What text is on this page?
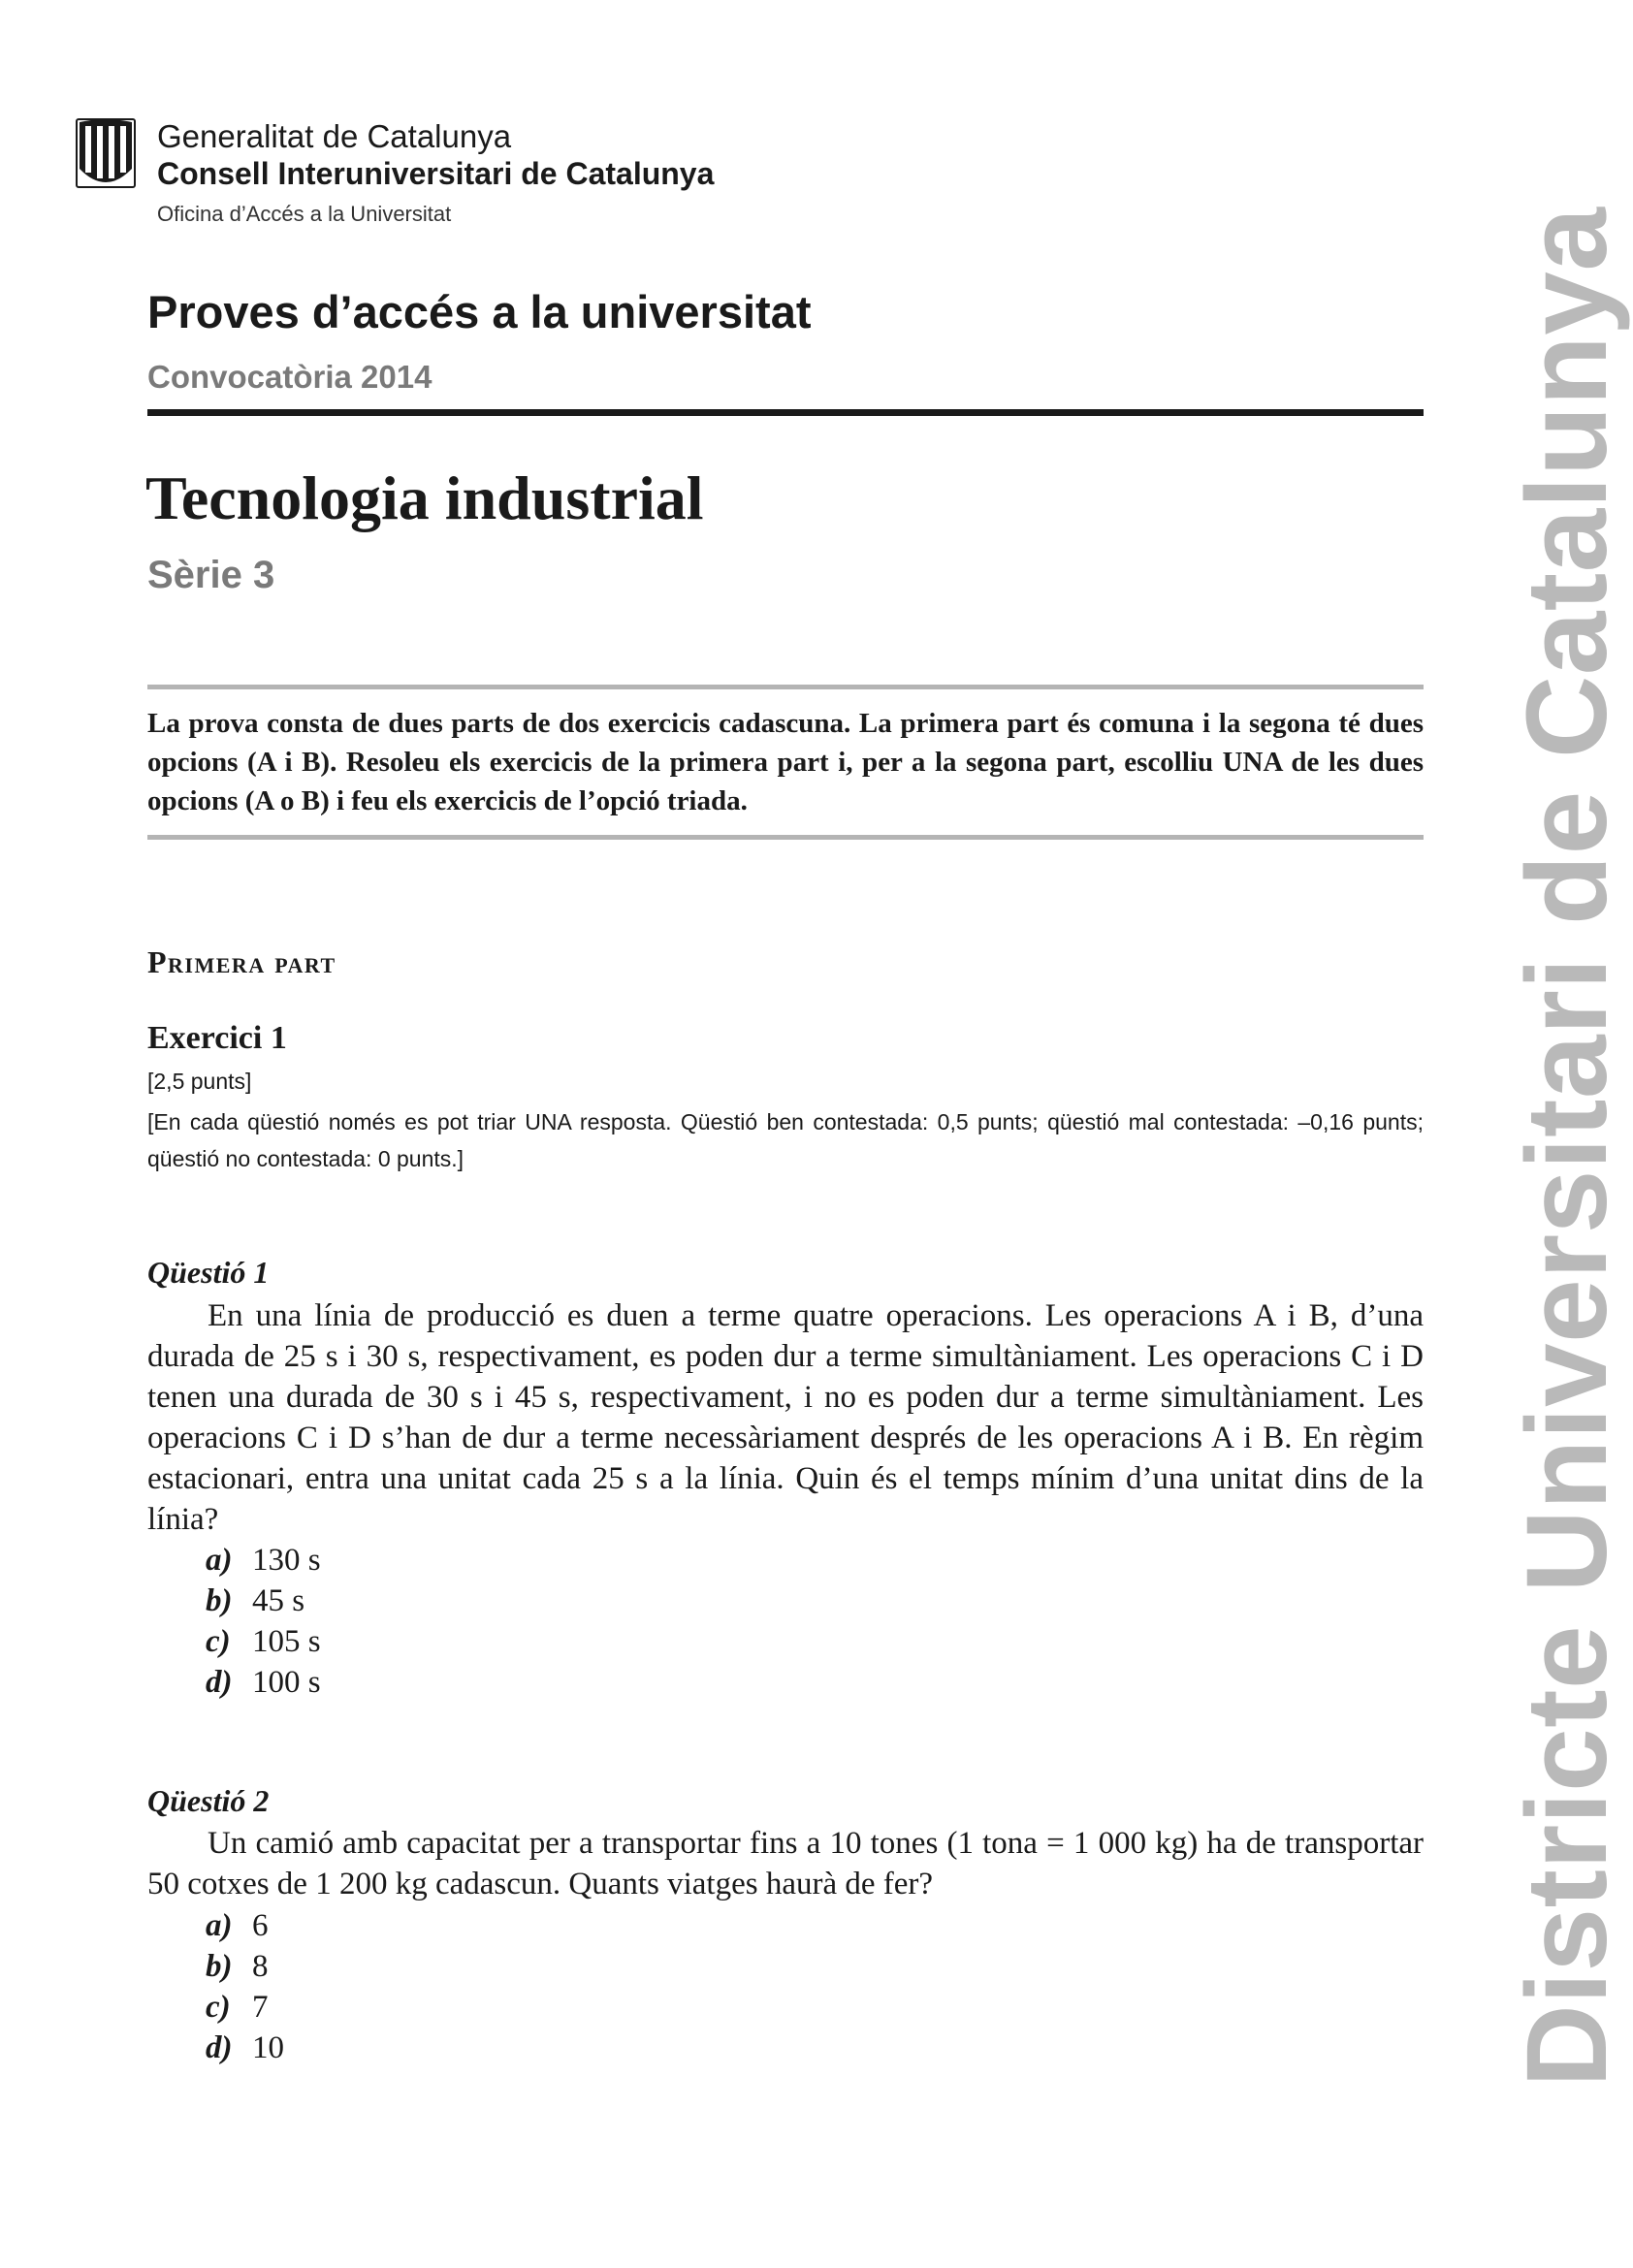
Generalitat de Catalunya
Consell Interuniversitari de Catalunya
Oficina d’Accés a la Universitat
Proves d’accés a la universitat
Convocatòria 2014
Tecnologia industrial
Sèrie 3
La prova consta de dues parts de dos exercicis cadascuna. La primera part és comuna i la segona té dues opcions (A i B). Resoleu els exercicis de la primera part i, per a la segona part, escolliu UNA de les dues opcions (A o B) i feu els exercicis de l’opció triada.
Primera part
Exercici 1
[2,5 punts]
[En cada qüestió només es pot triar UNA resposta. Qüestió ben contestada: 0,5 punts; qüestió mal contestada: –0,16 punts; qüestió no contestada: 0 punts.]
Qüestió 1

En una línia de producció es duen a terme quatre operacions. Les operacions A i B, d’una durada de 25 s i 30 s, respectivament, es poden dur a terme simultàniament. Les operacions C i D tenen una durada de 30 s i 45 s, respectivament, i no es poden dur a terme simultàniament. Les operacions C i D s’han de dur a terme necessàriament després de les operacions A i B. En règim estacionari, entra una unitat cada 25 s a la línia. Quin és el temps mínim d’una unitat dins de la línia?

a) 130 s
b) 45 s
c) 105 s
d) 100 s
Qüestió 2

Un camió amb capacitat per a transportar fins a 10 tones (1 tona = 1 000 kg) ha de transportar 50 cotxes de 1 200 kg cadascun. Quants viatges haurà de fer?

a) 6
b) 8
c) 7
d) 10	Districte Universitari de Catalunya
